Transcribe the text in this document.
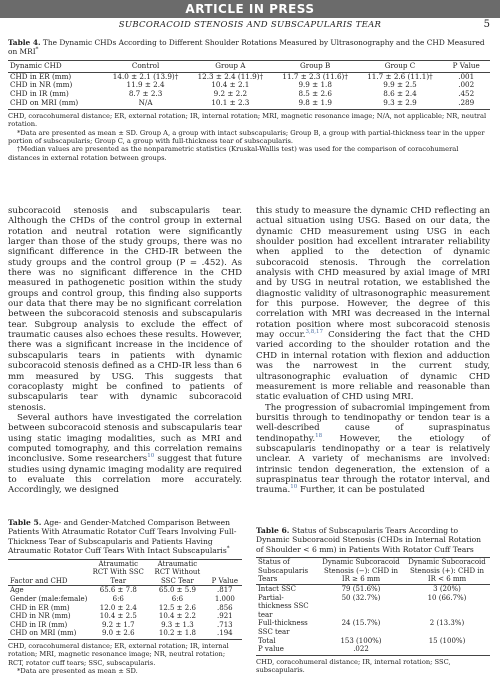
ARTICLE IN PRESS
SUBCORACOID STENOSIS AND SUBSCAPULARIS TEAR	5
Table 4. The Dynamic CHDs According to Different Shoulder Rotations Measured by Ultrasonography and the CHD Measured on MRI*
Dynamic CHD	Control	Group A	Group B	Group C	P Value

CHD in ER (mm)	14.0 ± 2.1 (13.9)†	12.3 ± 2.4 (11.9)†	11.7 ± 2.3 (11.6)†	11.7 ± 2.6 (11.1)†	.001
CHD in NR (mm)	11.9 ± 2.4	10.4 ± 2.1	9.9 ± 1.8	9.9 ± 2.5	.002
CHD in IR (mm)	8.7 ± 2.3	9.2 ± 2.2	8.5 ± 2.6	8.6 ± 2.4	.452
CHD on MRI (mm)	N/A	10.1 ± 2.3	9.8 ± 1.9	9.3 ± 2.9	.289
CHD, coracohumeral distance; ER, external rotation; IR, internal rotation; MRI, magnetic resonance image; N/A, not applicable; NR, neutral rotation.
*Data are presented as mean ± SD. Group A, a group with intact subscapularis; Group B, a group with partial-thickness tear in the upper portion of subscapularis; Group C, a group with full-thickness tear of subscapularis.
†Median values are presented as the nonparametric statistics (Kruskal-Wallis test) was used for the comparison of coracohumeral distances in external rotation between groups.

subcoracoid stenosis and subscapularis tear. Although the CHDs of the control group in external rotation and neutral rotation were significantly larger than those of the study groups, there was no significant difference in the CHD-IR between the study groups and the control group (P = .452). As there was no significant difference in the CHD measured in pathogenetic position within the study groups and control group, this finding also supports our data that there may be no significant correlation between the subcoracoid stenosis and subscapularis tear. Subgroup analysis to exclude the effect of traumatic causes also echoes these results. However, there was a significant increase in the incidence of subscapularis tears in patients with dynamic subcoracoid stenosis defined as a CHD-IR less than 6 mm measured by USG. This suggests that coracoplasty might be confined to patients of subscapularis tear with dynamic subcoracoid stenosis.

Several authors have investigated the correlation between subcoracoid stenosis and subscapularis tear using static imaging modalities, such as MRI and computed tomography, and this correlation remains inconclusive. Some researchers$^{10}$ suggest that future studies using dynamic imaging modality are required to evaluate this correlation more accurately. Accordingly, we designed

this study to measure the dynamic CHD reflecting an actual situation using USG. Based on our data, the dynamic CHD measurement using USG in each shoulder position had excellent intrarater reliability when applied to the detection of dynamic subcoracoid stenosis. Through the correlation analysis with CHD measured by axial image of MRI and by USG in neutral rotation, we established the diagnostic validity of ultrasonographic measurement for this purpose. However, the degree of this correlation with MRI was decreased in the internal rotation position where most subcoracoid stenosis may occur.$^{3,8,17}$ Considering the fact that the CHD varied according to the shoulder rotation and the CHD in internal rotation with flexion and adduction was the narrowest in the current study, ultrasonographic evaluation of dynamic CHD measurement is more reliable and reasonable than static evaluation of CHD using MRI.

The progression of subacromial impingement from bursitis through to tendinopathy or tendon tear is a well-described cause of supraspinatus tendinopathy.$^{18}$ However, the etiology of subscapularis tendinopathy or a tear is relatively unclear. A variety of mechanisms are involved: intrinsic tendon degeneration, the extension of a supraspinatus tear through the rotator interval, and trauma.$^{10}$ Further, it can be postulated

Table 5. Age- and Gender-Matched Comparison Between Patients With Atraumatic Rotator Cuff Tears Involving Full-Thickness Tear of Subscapularis and Patients Having Atraumatic Rotator Cuff Tears With Intact Subscapularis*
Factor and CHD	Atraumatic RCT With SSC Tear	Atraumatic RCT Without SSC Tear	P Value

Age	65.6 ± 7.8	65.0 ± 5.9	.817
Gender (male:female)	6:6	6:6	1.000
CHD in ER (mm)	12.0 ± 2.4	12.5 ± 2.6	.856
CHD in NR (mm)	10.4 ± 2.5	10.4 ± 2.2	.921
CHD in IR (mm)	9.2 ± 1.7	9.3 ± 1.3	.713
CHD on MRI (mm)	9.0 ± 2.6	10.2 ± 1.8	.194
CHD, coracohumeral distance; ER, external rotation; IR, internal rotation; MRI, magnetic resonance image; NR, neutral rotation; RCT, rotator cuff tears; SSC, subscapularis.
*Data are presented as mean ± SD.
Table 6. Status of Subscapularis Tears According to Dynamic Subcoracoid Stenosis (CHDs in Internal Rotation of Shoulder < 6 mm) in Patients With Rotator Cuff Tears
Status of Subscapularis Tears	Dynamic Subcoracoid Stenosis (−): CHD in IR ≥ 6 mm	Dynamic Subcoracoid Stenosis (+): CHD in IR < 6 mm

Intact SSC	79 (51.6%)	3 (20%)
Partial-thickness SSC tear	50 (32.7%)	10 (66.7%)
Full-thickness SSC tear	24 (15.7%)	2 (13.3%)
Total	153 (100%)	15 (100%)
P value	.022	
CHD, coracohumeral distance; IR, internal rotation; SSC, subscapularis.
